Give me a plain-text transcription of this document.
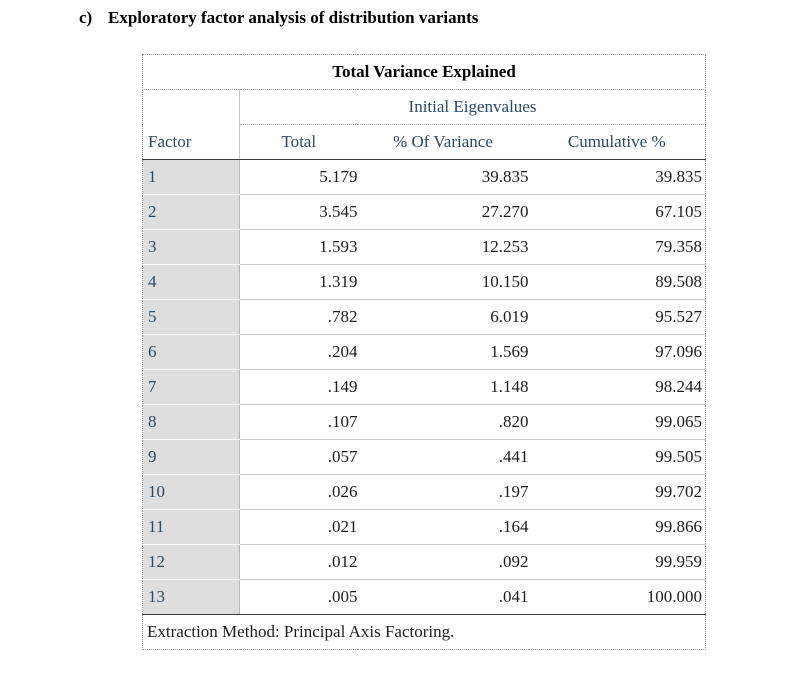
c) Exploratory factor analysis of distribution variants
Total Variance Explained			
	Initial Eigenvalues		
Factor	Total	% Of Variance	Cumulative %
1	5.179	39.835	39.835
2	3.545	27.270	67.105
3	1.593	12.253	79.358
4	1.319	10.150	89.508
5	.782	6.019	95.527
6	.204	1.569	97.096
7	.149	1.148	98.244
8	.107	.820	99.065
9	.057	.441	99.505
10	.026	.197	99.702
11	.021	.164	99.866
12	.012	.092	99.959
13	.005	.041	100.000
Extraction Method: Principal Axis Factoring.			
